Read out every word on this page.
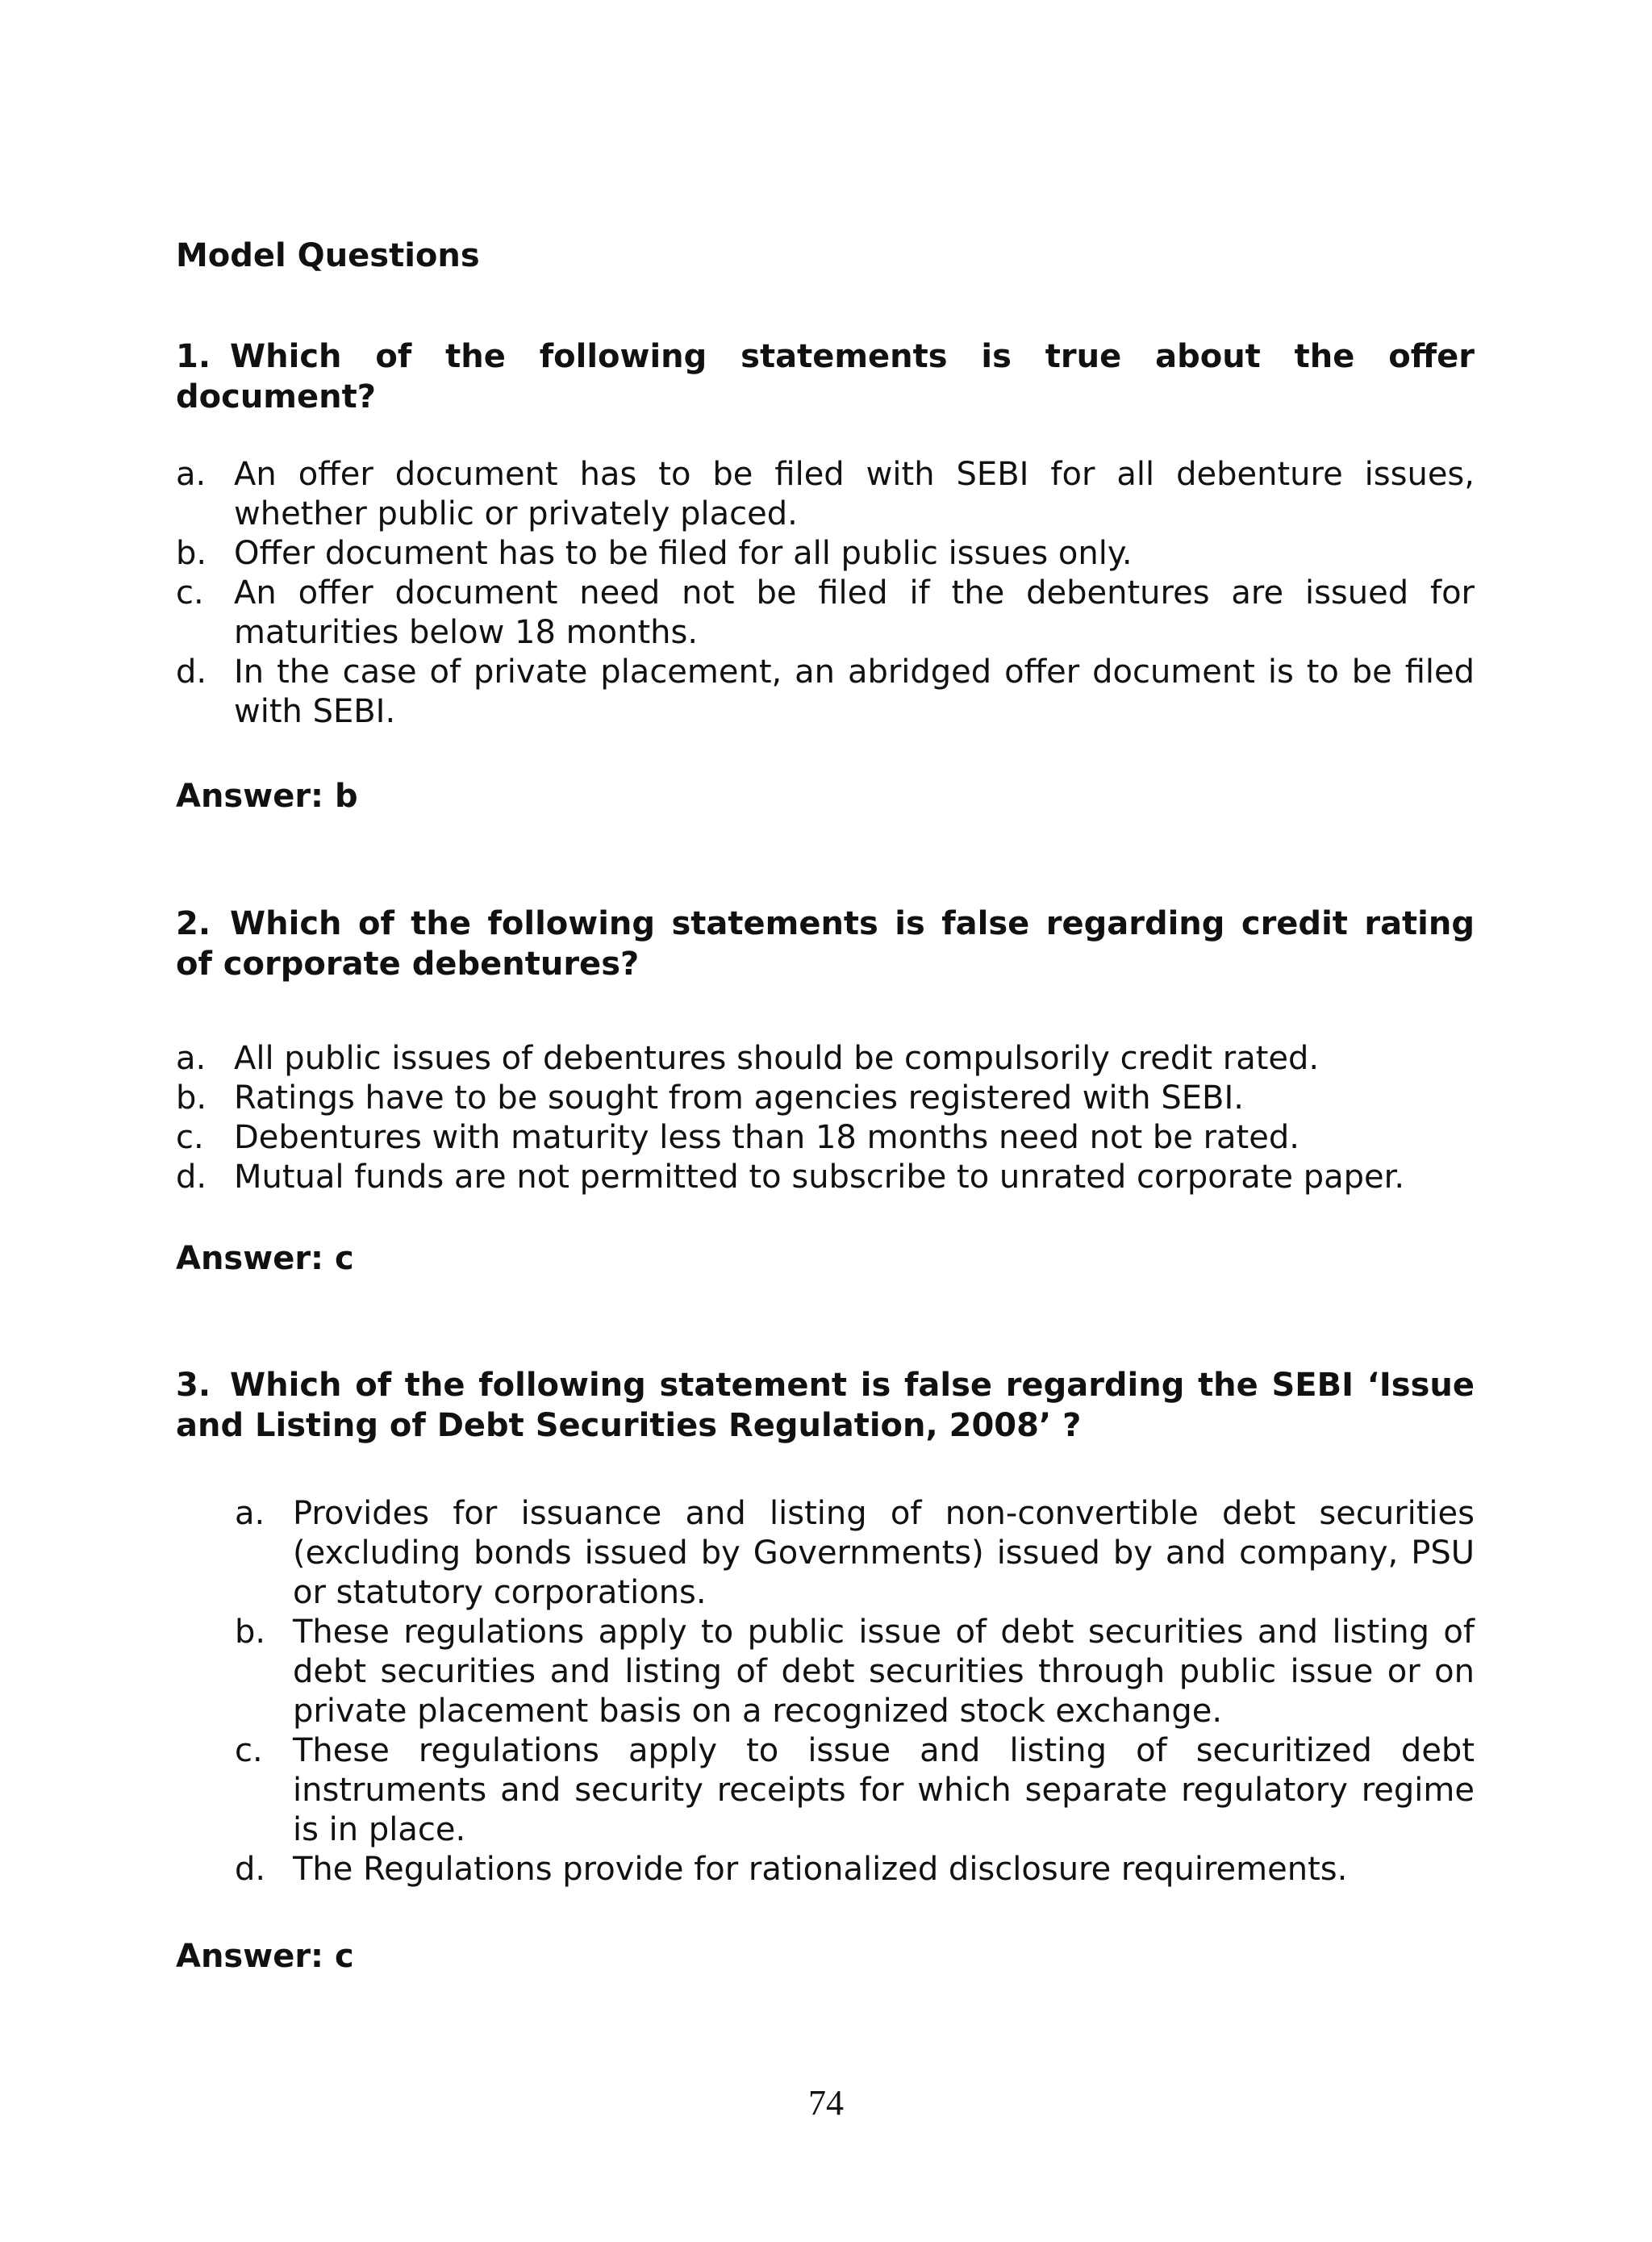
Model Questions

1. Which of the following statements is true about the offer document?

a. An offer document has to be filed with SEBI for all debenture issues, whether public or privately placed.
b. Offer document has to be filed for all public issues only.
c. An offer document need not be filed if the debentures are issued for maturities below 18 months.
d. In the case of private placement, an abridged offer document is to be filed with SEBI.

Answer: b

2. Which of the following statements is false regarding credit rating of corporate debentures?

a. All public issues of debentures should be compulsorily credit rated.
b. Ratings have to be sought from agencies registered with SEBI.
c. Debentures with maturity less than 18 months need not be rated.
d. Mutual funds are not permitted to subscribe to unrated corporate paper.

Answer: c

3. Which of the following statement is false regarding the SEBI ‘Issue and Listing of Debt Securities Regulation, 2008’ ?

a. Provides for issuance and listing of non-convertible debt securities (excluding bonds issued by Governments) issued by and company, PSU or statutory corporations.
b. These regulations apply to public issue of debt securities and listing of debt securities and listing of debt securities through public issue or on private placement basis on a recognized stock exchange.
c. These regulations apply to issue and listing of securitized debt instruments and security receipts for which separate regulatory regime is in place.
d. The Regulations provide for rationalized disclosure requirements.

Answer: c

74
